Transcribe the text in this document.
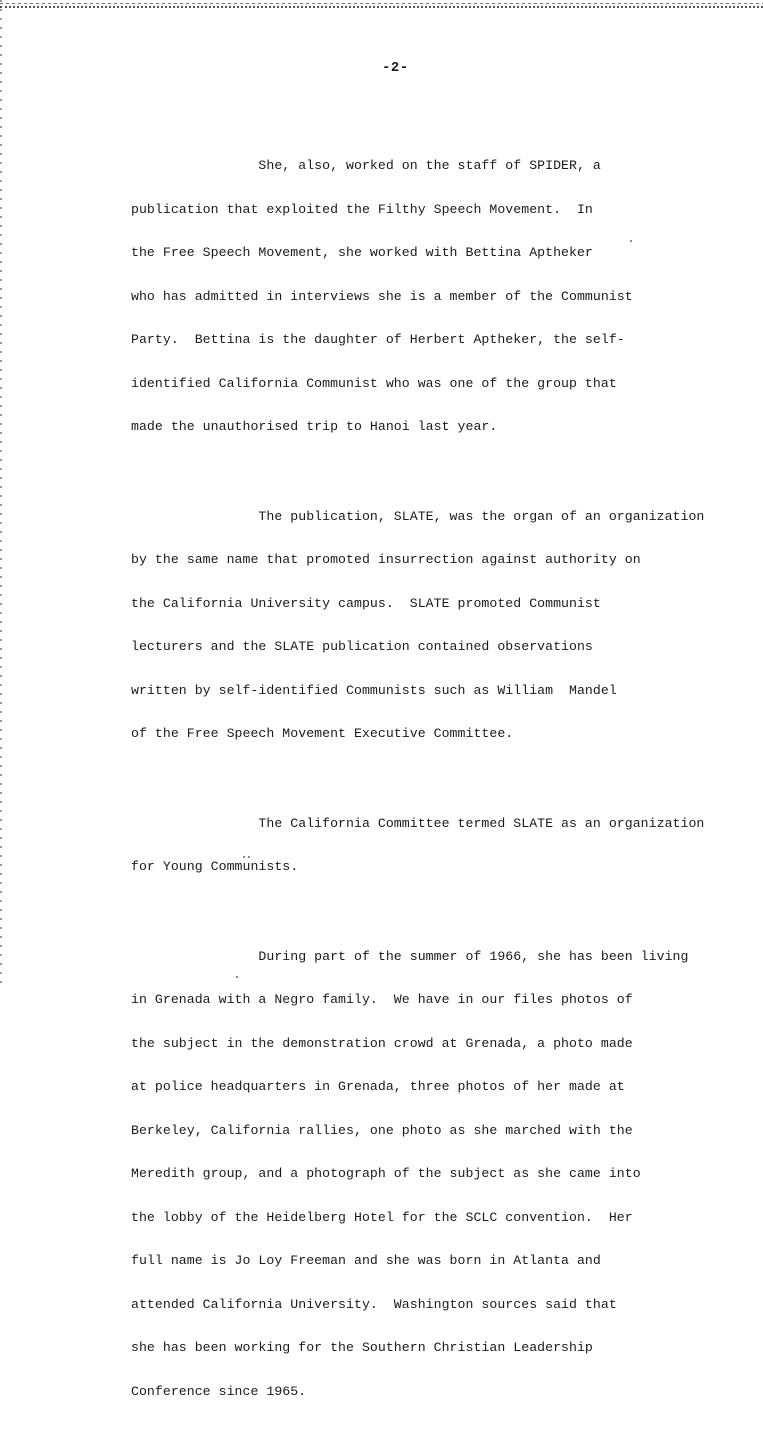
-2-

She, also, worked on the staff of SPIDER, a

publication that exploited the Filthy Speech Movement.  In

the Free Speech Movement, she worked with Bettina Aptheker

who has admitted in interviews she is a member of the Communist

Party.  Bettina is the daughter of Herbert Aptheker, the self-

identified California Communist who was one of the group that

made the unauthorised trip to Hanoi last year.

The publication, SLATE, was the organ of an organization

by the same name that promoted insurrection against authority on

the California University campus.  SLATE promoted Communist

lecturers and the SLATE publication contained observations

written by self-identified Communists such as William  Mandel

of the Free Speech Movement Executive Committee.

The California Committee termed SLATE as an organization

for Young Communists.

During part of the summer of 1966, she has been living

in Grenada with a Negro family.  We have in our files photos of

the subject in the demonstration crowd at Grenada, a photo made

at police headquarters in Grenada, three photos of her made at

Berkeley, California rallies, one photo as she marched with the

Meredith group, and a photograph of the subject as she came into

the lobby of the Heidelberg Hotel for the SCLC convention.  Her

full name is Jo Loy Freeman and she was born in Atlanta and

attended California University.  Washington sources said that

she has been working for the Southern Christian Leadership

Conference since 1965.
